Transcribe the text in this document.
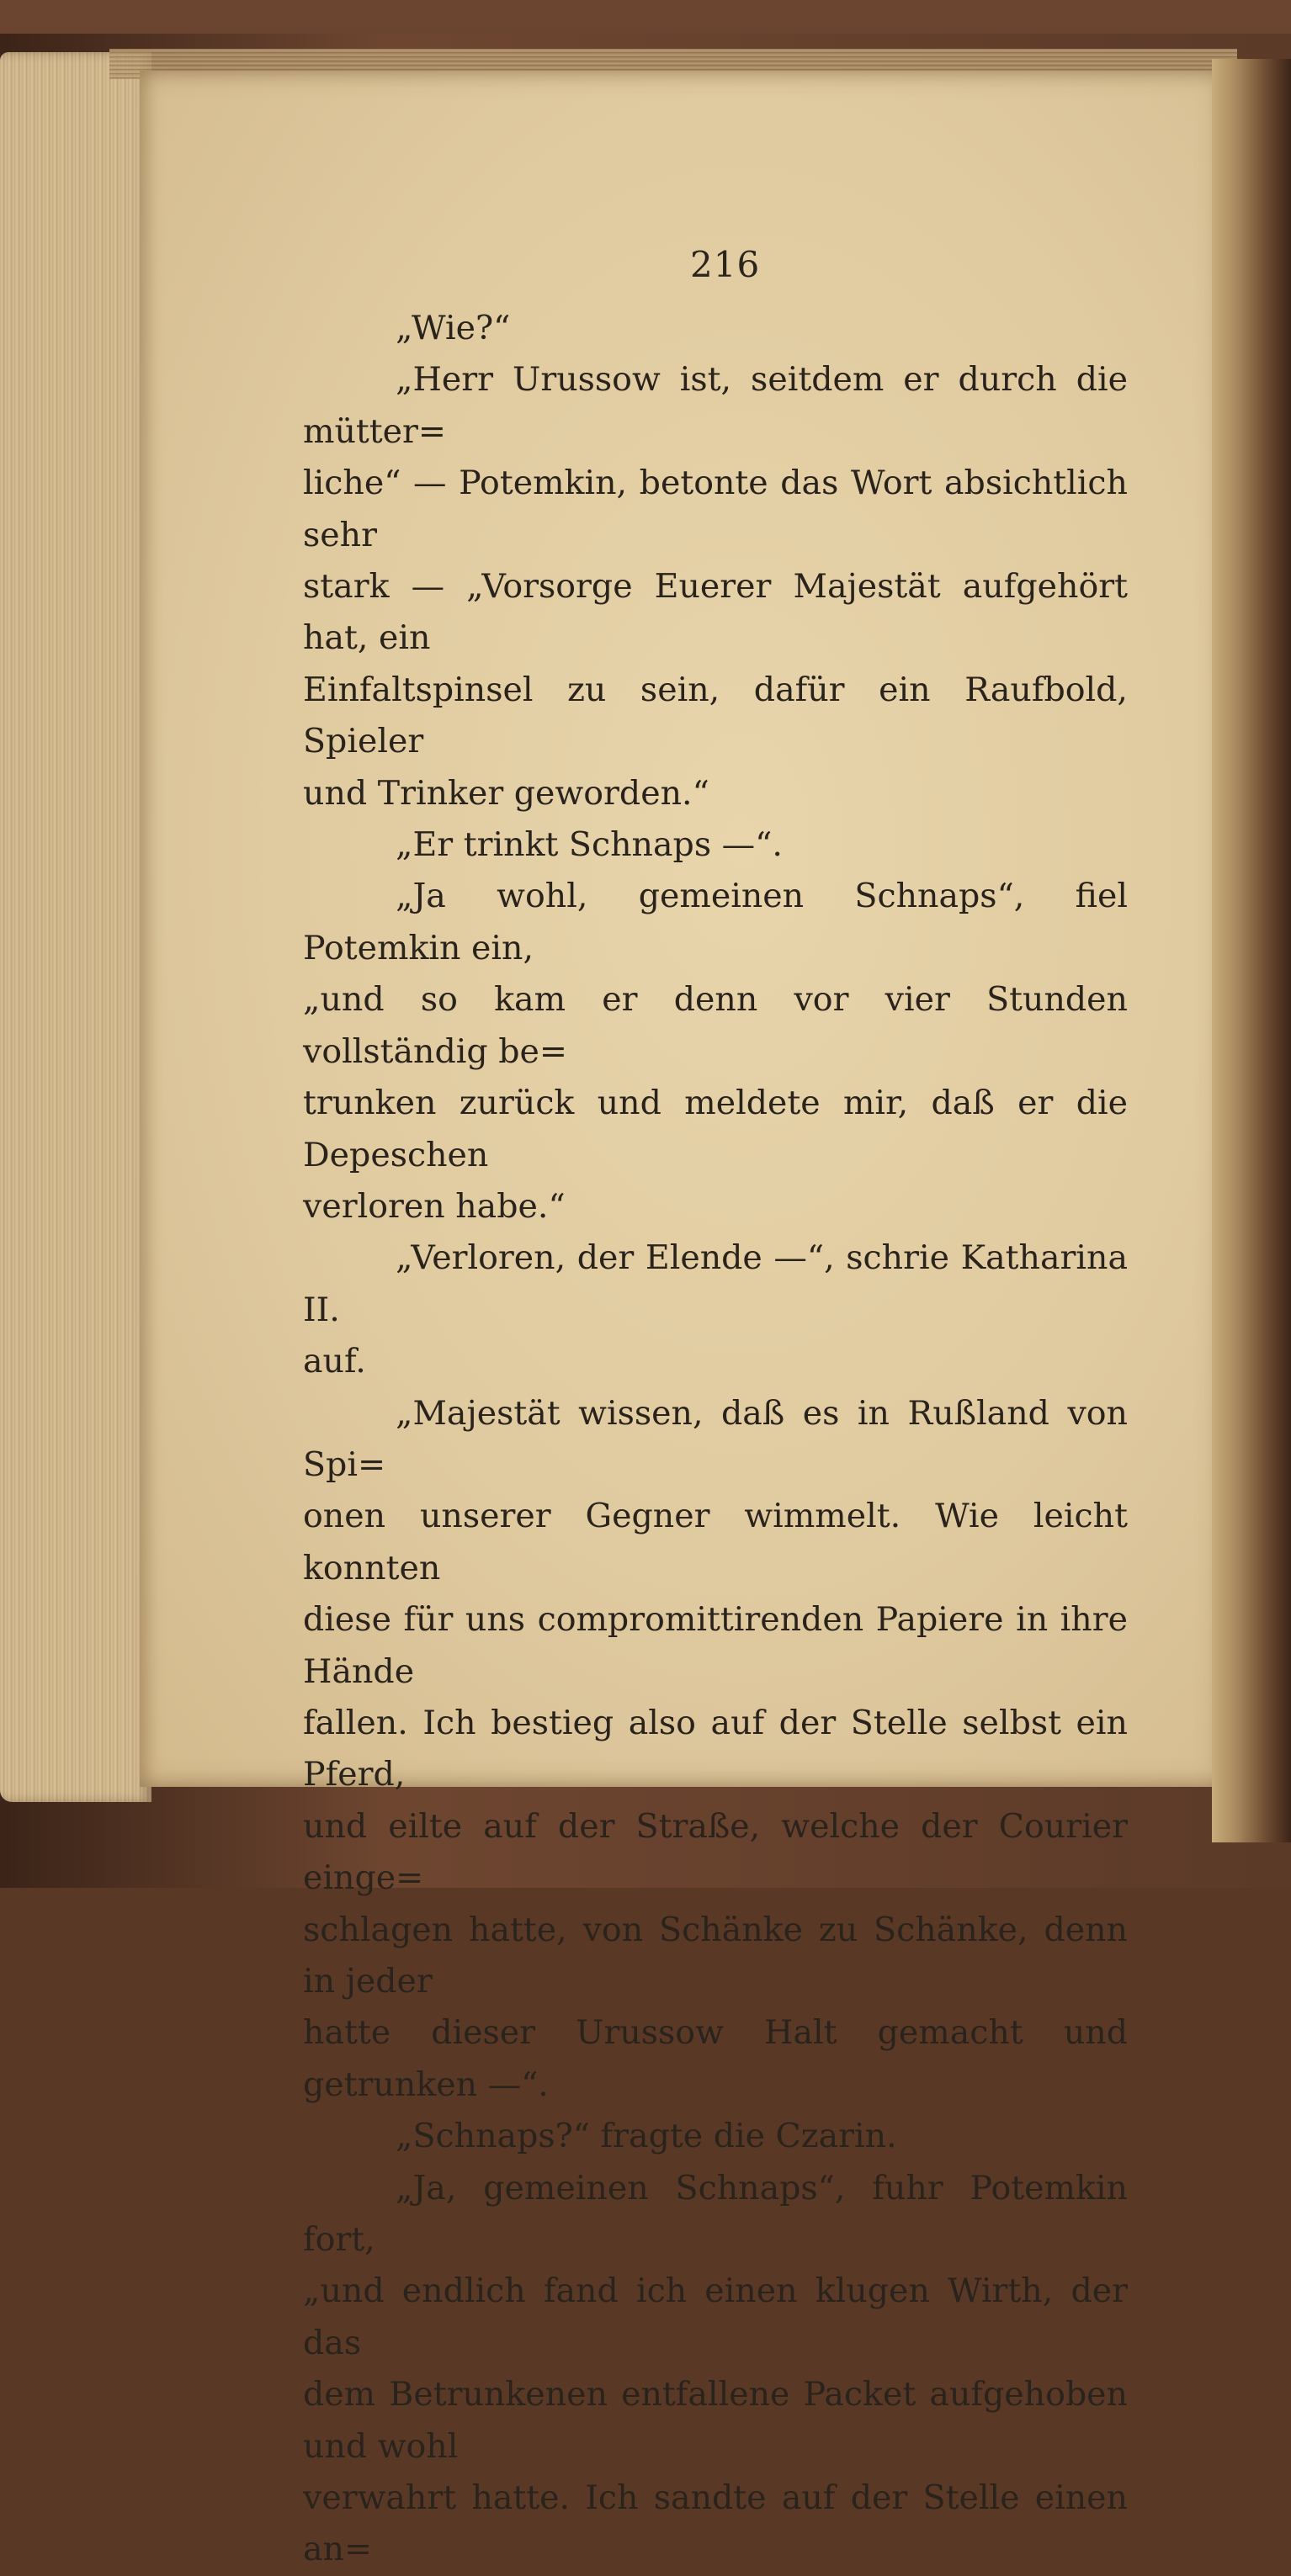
216

„Wie?“

„Herr Urussow ist, seitdem er durch die mütter=

liche“ — Potemkin, betonte das Wort absichtlich sehr

stark — „Vorsorge Euerer Majestät aufgehört hat, ein

Einfaltspinsel zu sein, dafür ein Raufbold, Spieler

und Trinker geworden.“

„Er trinkt Schnaps —“.

„Ja wohl, gemeinen Schnaps“, fiel Potemkin ein,

„und so kam er denn vor vier Stunden vollständig be=

trunken zurück und meldete mir, daß er die Depeschen

verloren habe.“

„Verloren, der Elende —“, schrie Katharina II.

auf.

„Majestät wissen, daß es in Rußland von Spi=

onen unserer Gegner wimmelt. Wie leicht konnten

diese für uns compromittirenden Papiere in ihre Hände

fallen. Ich bestieg also auf der Stelle selbst ein Pferd,

und eilte auf der Straße, welche der Courier einge=

schlagen hatte, von Schänke zu Schänke, denn in jeder

hatte dieser Urussow Halt gemacht und getrunken —“.

„Schnaps?“ fragte die Czarin.

„Ja, gemeinen Schnaps“, fuhr Potemkin fort,

„und endlich fand ich einen klugen Wirth, der das

dem Betrunkenen entfallene Packet aufgehoben und wohl

verwahrt hatte. Ich sandte auf der Stelle einen an=
